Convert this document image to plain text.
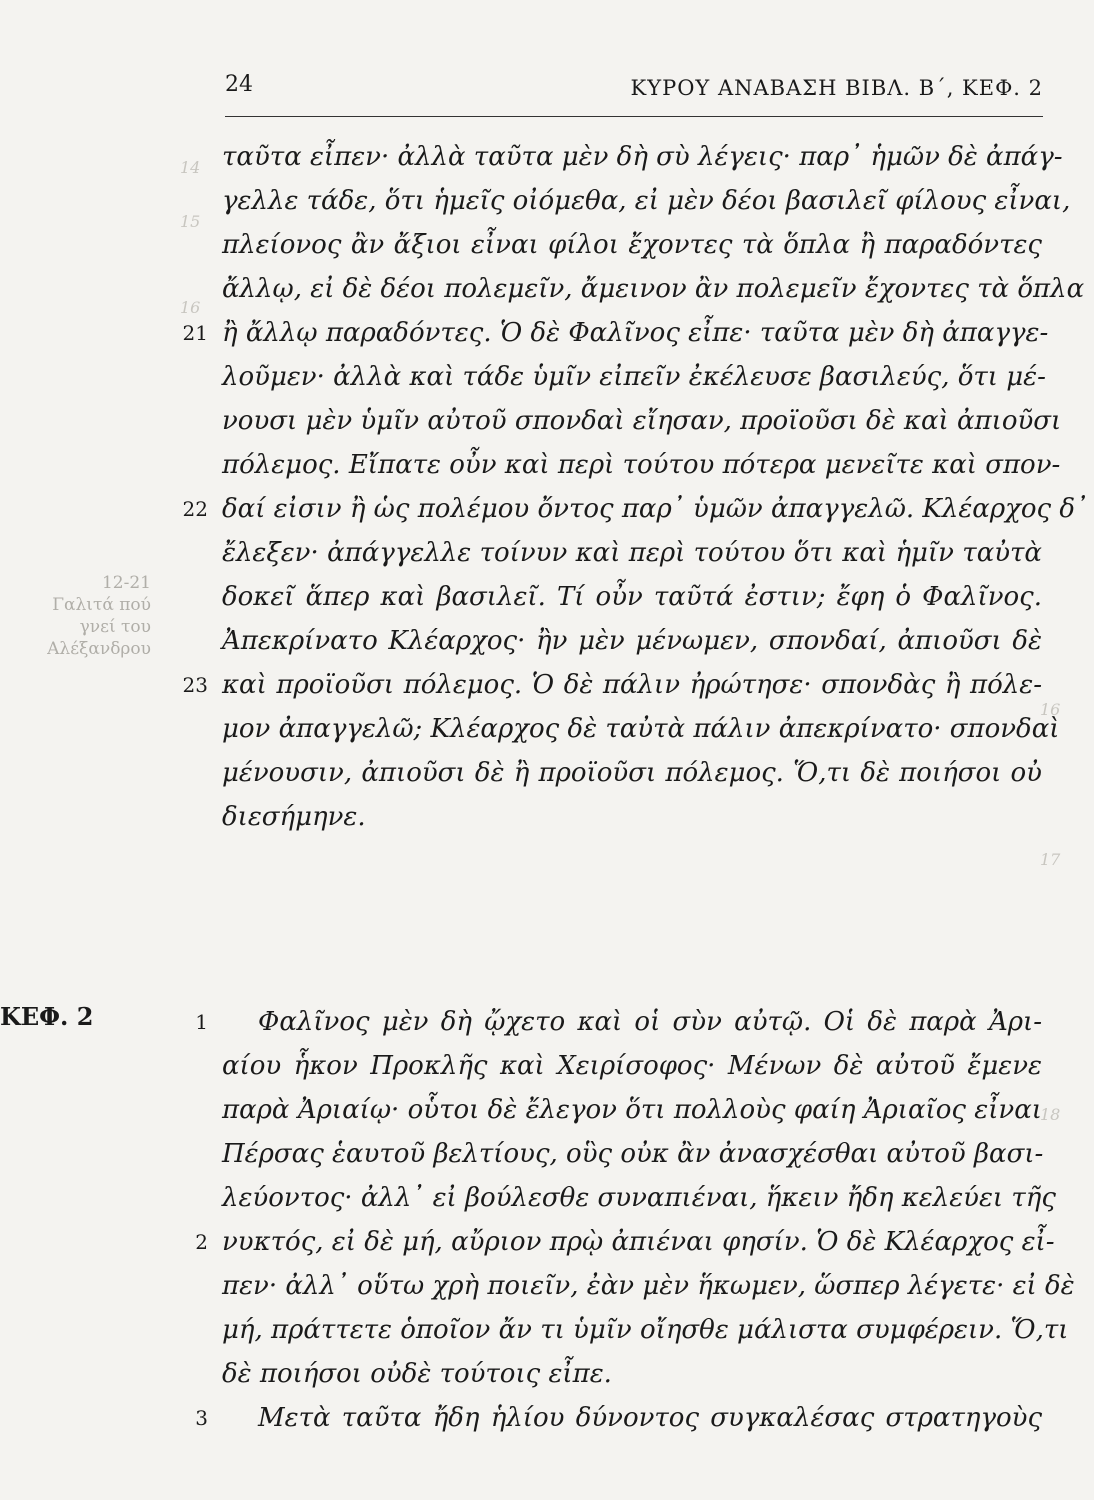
14
15
16
16
17
18
12-21
Γαλιτά πού
γνεί του
Αλέξανδρου
24	ΚΥΡΟΥ ΑΝΑΒΑΣΗ ΒΙΒΛ. Β΄, ΚΕΦ. 2
ΚΕΦ. 2
21
22
23
1
2
3
ταῦτα εἶπεν· ἀλλὰ ταῦτα μὲν δὴ σὺ λέγεις· παρ᾽ ἡμῶν δὲ ἀπάγ-
γελλε τάδε, ὅτι ἡμεῖς οἰόμεθα, εἰ μὲν δέοι βασιλεῖ φίλους εἶναι,
πλείονος ἂν ἄξιοι εἶναι φίλοι ἔχοντες τὰ ὅπλα ἢ παραδόντες
ἄλλῳ, εἰ δὲ δέοι πολεμεῖν, ἄμεινον ἂν πολεμεῖν ἔχοντες τὰ ὅπλα
ἢ ἄλλῳ παραδόντες. Ὁ δὲ Φαλῖνος εἶπε· ταῦτα μὲν δὴ ἀπαγγε-
λοῦμεν· ἀλλὰ καὶ τάδε ὑμῖν εἰπεῖν ἐκέλευσε βασιλεύς, ὅτι μέ-
νουσι μὲν ὑμῖν αὐτοῦ σπονδαὶ εἴησαν, προϊοῦσι δὲ καὶ ἀπιοῦσι
πόλεμος. Εἴπατε οὖν καὶ περὶ τούτου πότερα μενεῖτε καὶ σπον-
δαί εἰσιν ἢ ὡς πολέμου ὄντος παρ᾽ ὑμῶν ἀπαγγελῶ. Κλέαρχος δ᾽
ἔλεξεν· ἀπάγγελλε τοίνυν καὶ περὶ τούτου ὅτι καὶ ἡμῖν ταὐτὰ
δοκεῖ ἅπερ καὶ βασιλεῖ. Τί οὖν ταῦτά ἐστιν; ἔφη ὁ Φαλῖνος.
Ἀπεκρίνατο Κλέαρχος· ἢν μὲν μένωμεν, σπονδαί, ἀπιοῦσι δὲ
καὶ προϊοῦσι πόλεμος. Ὁ δὲ πάλιν ἠρώτησε· σπονδὰς ἢ πόλε-
μον ἀπαγγελῶ; Κλέαρχος δὲ ταὐτὰ πάλιν ἀπεκρίνατο· σπονδαὶ
μένουσιν, ἀπιοῦσι δὲ ἢ προϊοῦσι πόλεμος. Ὅ,τι δὲ ποιήσοι οὐ
διεσήμηνε.
Φαλῖνος μὲν δὴ ᾤχετο καὶ οἱ σὺν αὐτῷ. Οἱ δὲ παρὰ Ἀρι-
αίου ἧκον Προκλῆς καὶ Χειρίσοφος· Μένων δὲ αὐτοῦ ἔμενε
παρὰ Ἀριαίῳ· οὗτοι δὲ ἔλεγον ὅτι πολλοὺς φαίη Ἀριαῖος εἶναι
Πέρσας ἑαυτοῦ βελτίους, οὓς οὐκ ἂν ἀνασχέσθαι αὐτοῦ βασι-
λεύοντος· ἀλλ᾽ εἰ βούλεσθε συναπιέναι, ἥκειν ἤδη κελεύει τῆς
νυκτός, εἰ δὲ μή, αὔριον πρῲ ἀπιέναι φησίν. Ὁ δὲ Κλέαρχος εἶ-
πεν· ἀλλ᾽ οὕτω χρὴ ποιεῖν, ἐὰν μὲν ἥκωμεν, ὥσπερ λέγετε· εἰ δὲ
μή, πράττετε ὁποῖον ἄν τι ὑμῖν οἴησθε μάλιστα συμφέρειν. Ὅ,τι
δὲ ποιήσοι οὐδὲ τούτοις εἶπε.
Μετὰ ταῦτα ἤδη ἡλίου δύνοντος συγκαλέσας στρατηγοὺς
